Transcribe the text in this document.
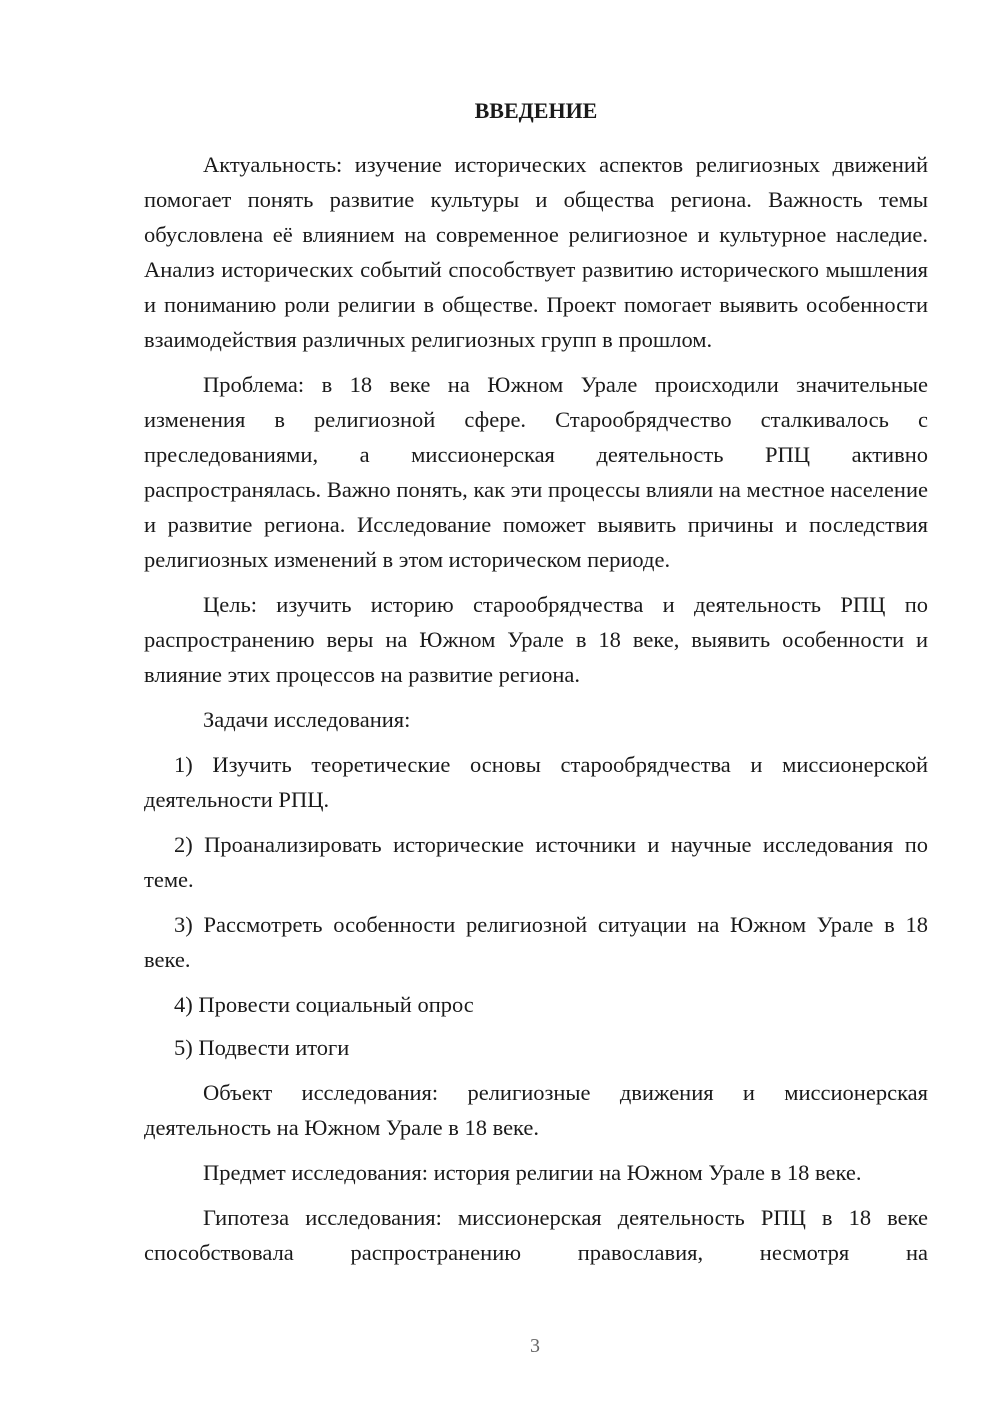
ВВЕДЕНИЕ

Актуальность: изучение исторических аспектов религиозных движений помогает понять развитие культуры и общества региона. Важность темы обусловлена её влиянием на современное религиозное и культурное наследие. Анализ исторических событий способствует развитию исторического мышления и пониманию роли религии в обществе. Проект помогает выявить особенности взаимодействия различных религиозных групп в прошлом.

Проблема: в 18 веке на Южном Урале происходили значительные изменения в религиозной сфере. Старообрядчество сталкивалось с преследованиями, а миссионерская деятельность РПЦ активно распространялась. Важно понять, как эти процессы влияли на местное население и развитие региона. Исследование поможет выявить причины и последствия религиозных изменений в этом историческом периоде.

Цель: изучить историю старообрядчества и деятельность РПЦ по распространению веры на Южном Урале в 18 веке, выявить особенности и влияние этих процессов на развитие региона.

Задачи исследования:

1) Изучить теоретические основы старообрядчества и миссионерской деятельности РПЦ.

2) Проанализировать исторические источники и научные исследования по теме.

3) Рассмотреть особенности религиозной ситуации на Южном Урале в 18 веке.

4) Провести социальный опрос

5) Подвести итоги

Объект исследования: религиозные движения и миссионерская деятельность на Южном Урале в 18 веке.

Предмет исследования: история религии на Южном Урале в 18 веке.

Гипотеза исследования: миссионерская деятельность РПЦ в 18 веке способствовала распространению православия, несмотря на

3
